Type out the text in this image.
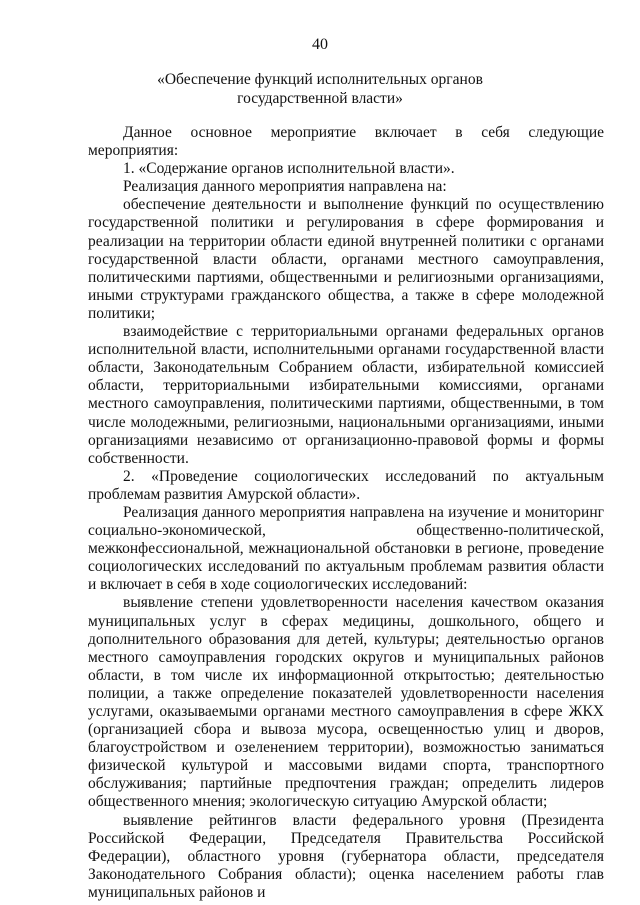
40
«Обеспечение функций исполнительных органов
государственной власти»

Данное основное мероприятие включает в себя следующие мероприятия:

1. «Содержание органов исполнительной власти».

Реализация данного мероприятия направлена на:

обеспечение деятельности и выполнение функций по осуществлению государственной политики и регулирования в сфере формирования и реализации на территории области единой внутренней политики с органами государственной власти области, органами местного самоуправления, политическими партиями, общественными и религиозными организациями, иными структурами гражданского общества, а также в сфере молодежной политики;

взаимодействие с территориальными органами федеральных органов исполнительной власти, исполнительными органами государственной власти области, Законодательным Собранием области, избирательной комиссией области, территориальными избирательными комиссиями, органами местного самоуправления, политическими партиями, общественными, в том числе молодежными, религиозными, национальными организациями, иными организациями независимо от организационно-правовой формы и формы собственности.

2. «Проведение социологических исследований по актуальным проблемам развития Амурской области».

Реализация данного мероприятия направлена на изучение и мониторинг социально-экономической, общественно-политической, межконфессиональной, межнациональной обстановки в регионе, проведение социологических исследований по актуальным проблемам развития области и включает в себя в ходе социологических исследований:

выявление степени удовлетворенности населения качеством оказания муниципальных услуг в сферах медицины, дошкольного, общего и дополнительного образования для детей, культуры; деятельностью органов местного самоуправления городских округов и муниципальных районов области, в том числе их информационной открытостью; деятельностью полиции, а также определение показателей удовлетворенности населения услугами, оказываемыми органами местного самоуправления в сфере ЖКХ (организацией сбора и вывоза мусора, освещенностью улиц и дворов, благоустройством и озеленением территории), возможностью заниматься физической культурой и массовыми видами спорта, транспортного обслуживания; партийные предпочтения граждан; определить лидеров общественного мнения; экологическую ситуацию Амурской области;

выявление рейтингов власти федерального уровня (Президента Российской Федерации, Председателя Правительства Российской Федерации), областного уровня (губернатора области, председателя Законодательного Собрания области); оценка населением работы глав муниципальных районов и
